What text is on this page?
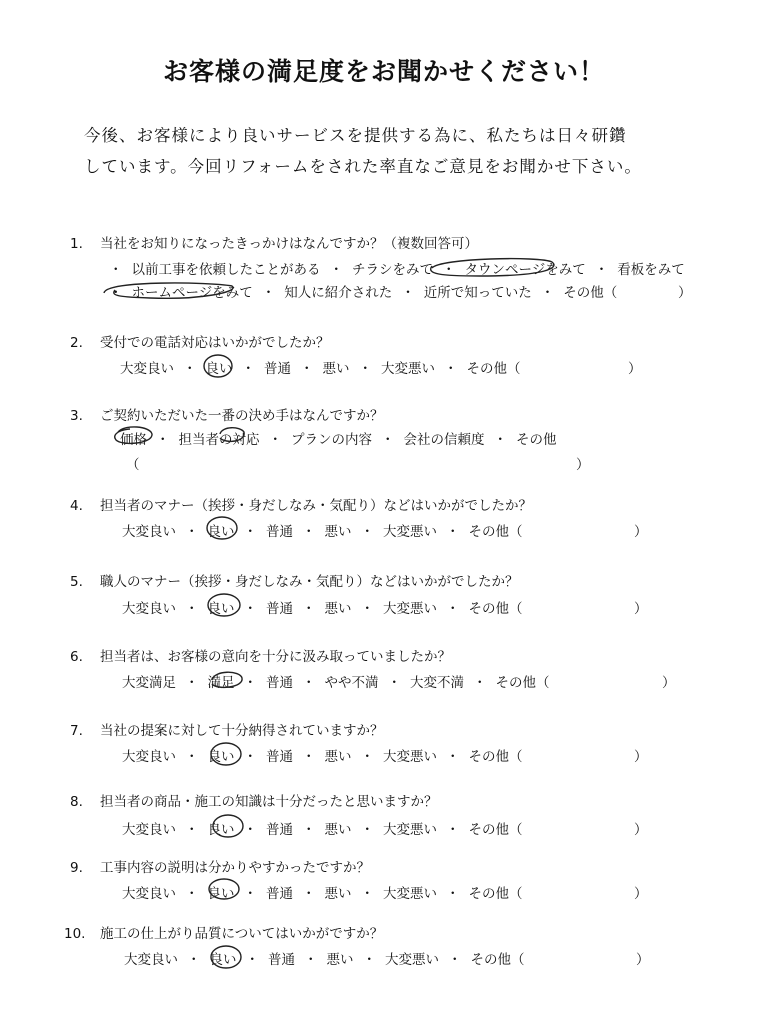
お客様の満足度をお聞かせください！
今後、お客様により良いサービスを提供する為に、私たちは日々研鑽
しています。今回リフォームをされた率直なご意見をお聞かせ下さい。
1. 当社をお知りになったきっかけはなんですか？（複数回答可）
・ 以前工事を依頼したことがある ・ チラシをみて ・ タウンページをみて ・ 看板をみて
・ ホームページをみて ・ 知人に紹介された ・ 近所で知っていた ・ その他（	）
2. 受付での電話対応はいかがでしたか？
大変良い ・ 良い ・ 普通 ・ 悪い ・ 大変悪い ・ その他（	）
3. ご契約いただいた一番の決め手はなんですか？
価格 ・ 担当者の対応 ・ プランの内容 ・ 会社の信頼度 ・ その他
（	）
4. 担当者のマナー（挨拶・身だしなみ・気配り）などはいかがでしたか？
大変良い ・ 良い ・ 普通 ・ 悪い ・ 大変悪い ・ その他（	）
5. 職人のマナー（挨拶・身だしなみ・気配り）などはいかがでしたか？
大変良い ・ 良い ・ 普通 ・ 悪い ・ 大変悪い ・ その他（	）
6. 担当者は、お客様の意向を十分に汲み取っていましたか？
大変満足 ・ 満足 ・ 普通 ・ やや不満 ・ 大変不満 ・ その他（	）
7. 当社の提案に対して十分納得されていますか？
大変良い ・ 良い ・ 普通 ・ 悪い ・ 大変悪い ・ その他（	）
8. 担当者の商品・施工の知識は十分だったと思いますか？
大変良い ・ 良い ・ 普通 ・ 悪い ・ 大変悪い ・ その他（	）
9. 工事内容の説明は分かりやすかったですか？
大変良い ・ 良い ・ 普通 ・ 悪い ・ 大変悪い ・ その他（	）
10. 施工の仕上がり品質についてはいかがですか？
大変良い ・ 良い ・ 普通 ・ 悪い ・ 大変悪い ・ その他（	）
